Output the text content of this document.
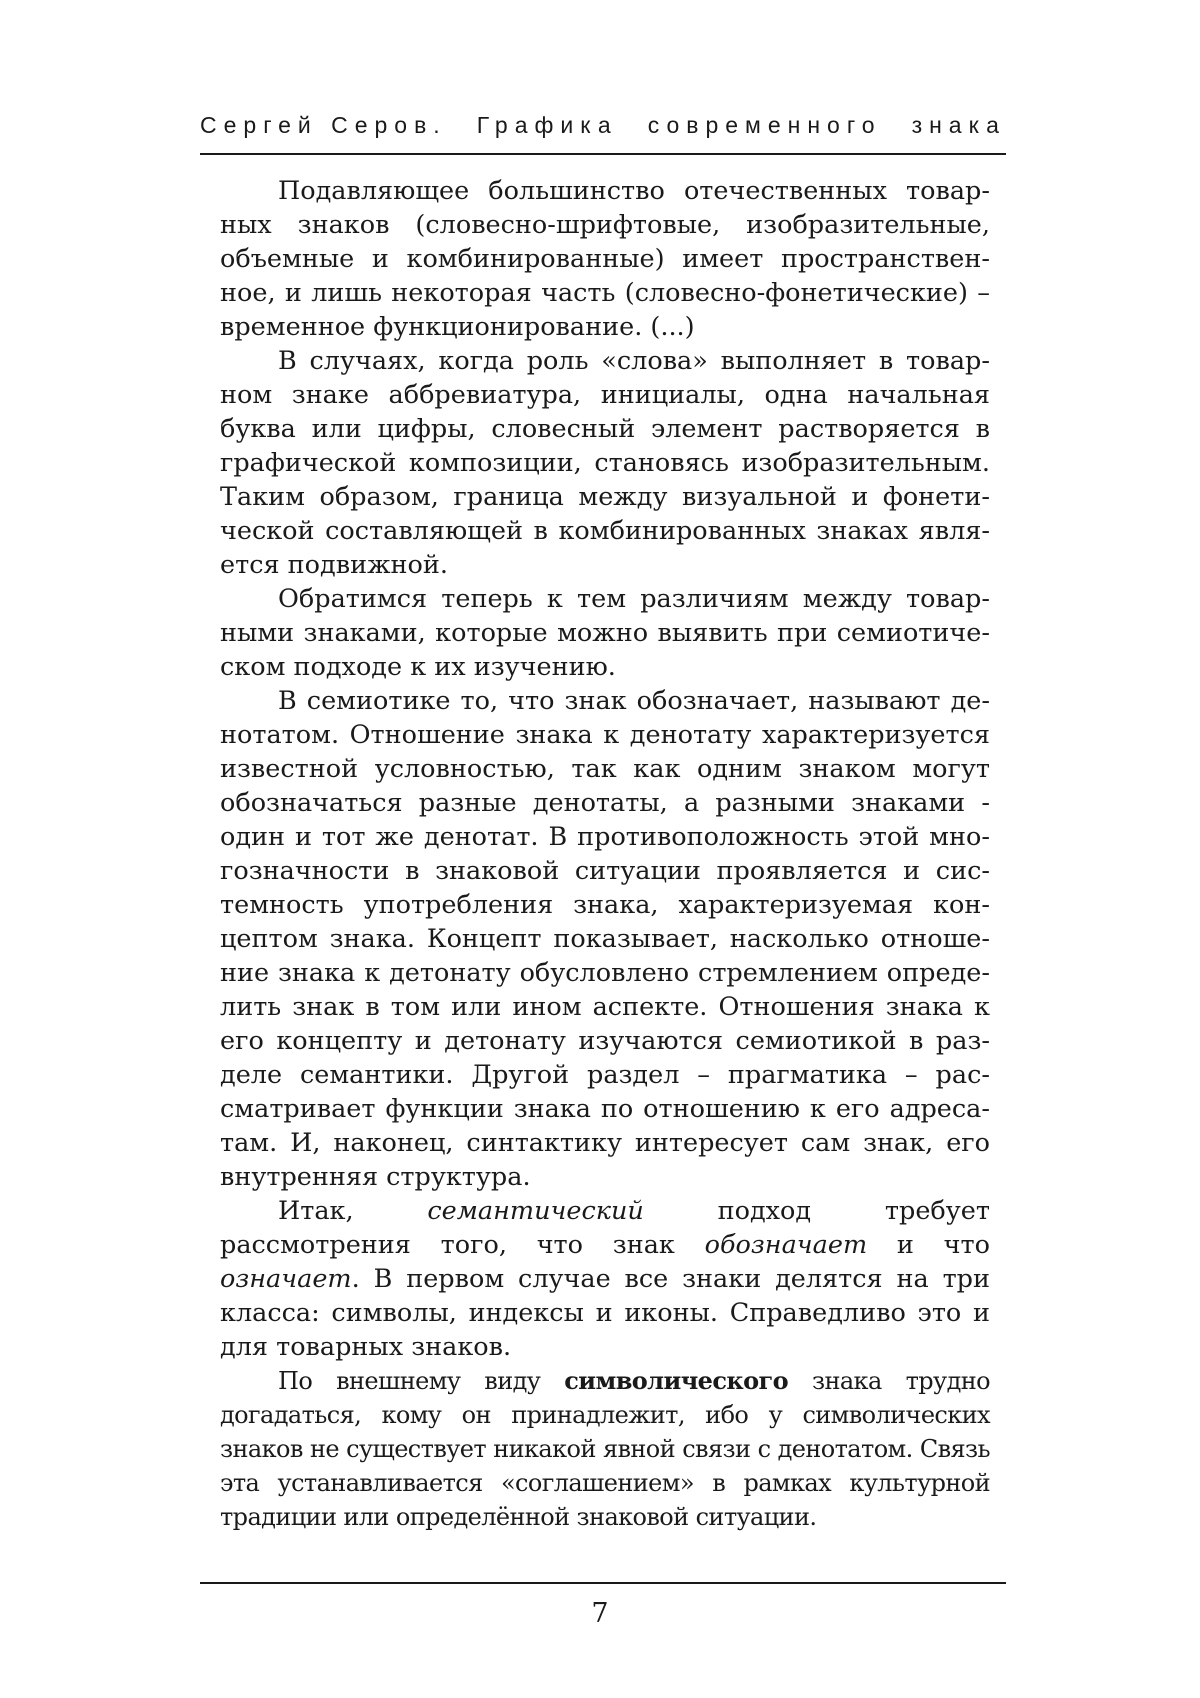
Сергей Серов. Графика современного знака

Подавляющее большинство отечественных товарных знаков (словесно-шрифтовые, изобразительные, объемные и комбинированные) имеет пространственное, и лишь некоторая часть (словесно-фонетические) – временное функционирование. (...)

В случаях, когда роль «слова» выполняет в товарном знаке аббревиатура, инициалы, одна начальная буква или цифры, словесный элемент растворяется в графической композиции, становясь изобразительным. Таким образом, граница между визуальной и фонетической составляющей в комбинированных знаках является подвижной.

Обратимся теперь к тем различиям между товарными знаками, которые можно выявить при семиотическом подходе к их изучению.

В семиотике то, что знак обозначает, называют денотатом. Отношение знака к денотату характеризуется известной условностью, так как одним знаком могут обозначаться разные денотаты, а разными знаками - один и тот же денотат. В противоположность этой многозначности в знаковой ситуации проявляется и системность употребления знака, характеризуемая концептом знака. Концепт показывает, насколько отношение знака к детонату обусловлено стремлением определить знак в том или ином аспекте. Отношения знака к его концепту и детонату изучаются семиотикой в разделе семантики. Другой раздел – прагматика – рассматривает функции знака по отношению к его адресатам. И, наконец, синтактику интересует сам знак, его внутренняя структура.

Итак, семантический подход требует рассмотрения того, что знак обозначает и что означает. В первом случае все знаки делятся на три класса: символы, индексы и иконы. Справедливо это и для товарных знаков.

По внешнему виду символического знака трудно догадаться, кому он принадлежит, ибо у символических знаков не существует никакой явной связи с денотатом. Связь эта устанавливается «соглашением» в рамках культурной традиции или определённой знаковой ситуации.

7
